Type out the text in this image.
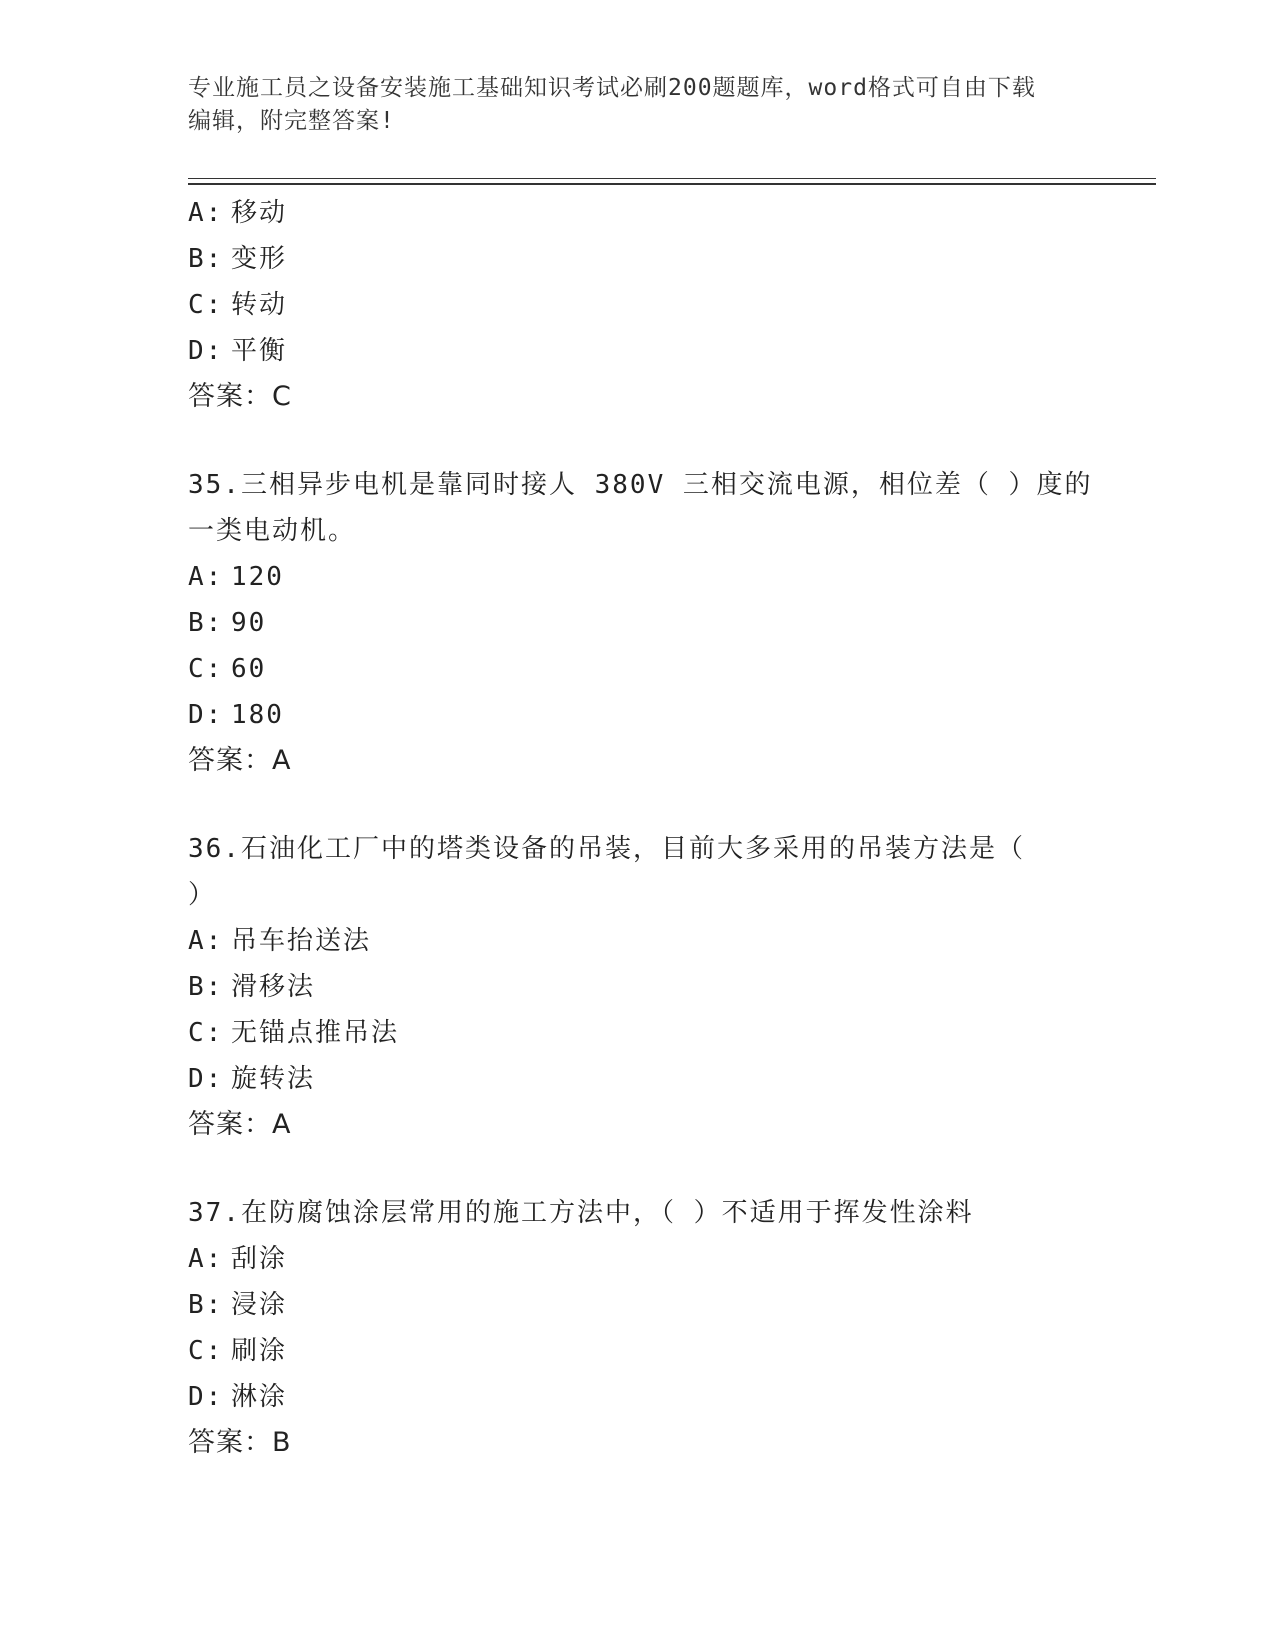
专业施工员之设备安装施工基础知识考试必刷200题题库，word格式可自由下载
编辑，附完整答案!
A: 移动
B: 变形
C: 转动
D: 平衡
答案：C
35.三相异步电机是靠同时接人 380V 三相交流电源，相位差（ ）度的
一类电动机。
A: 120
B: 90
C: 60
D: 180
答案：A
36.石油化工厂中的塔类设备的吊装，目前大多采用的吊装方法是（
）
A: 吊车抬送法
B: 滑移法
C: 无锚点推吊法
D: 旋转法
答案：A
37.在防腐蚀涂层常用的施工方法中，（ ）不适用于挥发性涂料
A: 刮涂
B: 浸涂
C: 刷涂
D: 淋涂
答案：B
